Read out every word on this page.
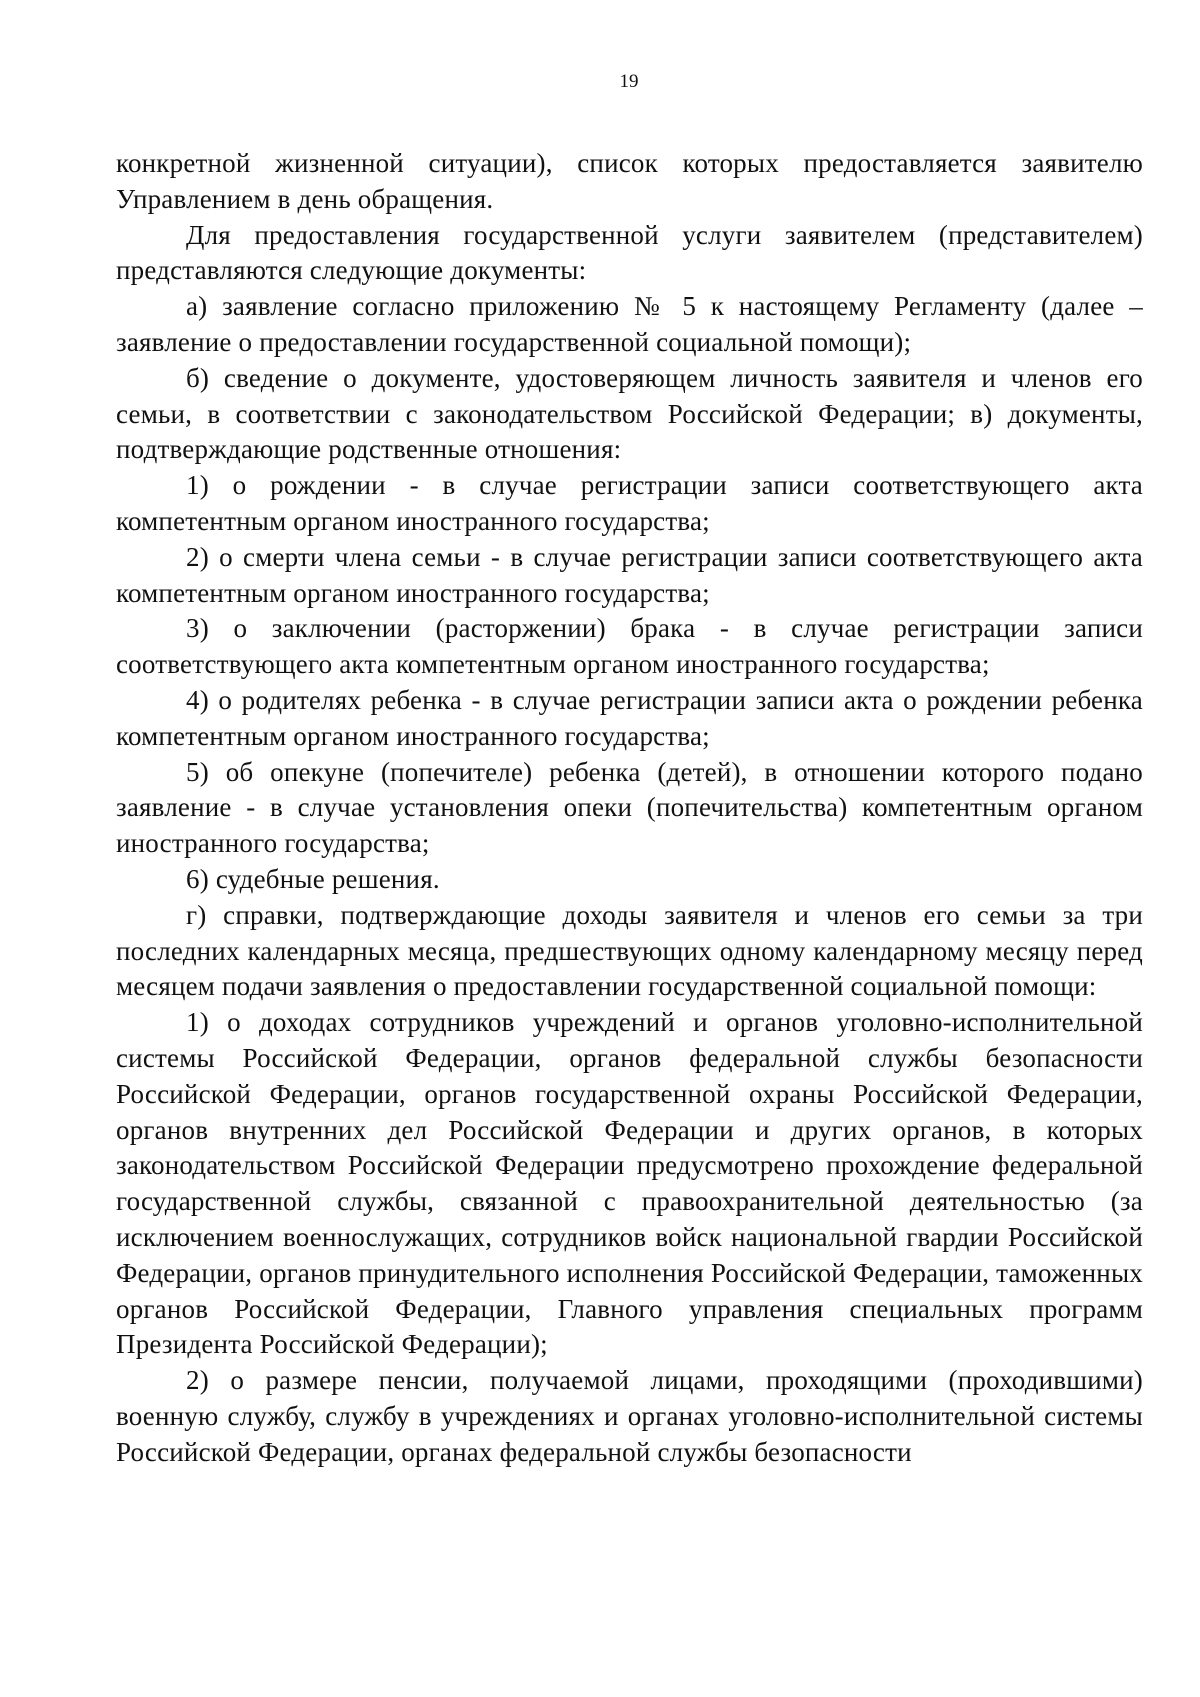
19

конкретной жизненной ситуации), список которых предоставляется заявителю Управлением в день обращения.

Для предоставления государственной услуги заявителем (представителем) представляются следующие документы:

а) заявление согласно приложению № 5 к настоящему Регламенту (далее – заявление о предоставлении государственной социальной помощи);

б) сведение о документе, удостоверяющем личность заявителя и членов его семьи, в соответствии с законодательством Российской Федерации; в) документы, подтверждающие родственные отношения:

1) о рождении - в случае регистрации записи соответствующего акта компетентным органом иностранного государства;

2) о смерти члена семьи - в случае регистрации записи соответствующего акта компетентным органом иностранного государства;

3) о заключении (расторжении) брака - в случае регистрации записи соответствующего акта компетентным органом иностранного государства;

4) о родителях ребенка - в случае регистрации записи акта о рождении ребенка компетентным органом иностранного государства;

5) об опекуне (попечителе) ребенка (детей), в отношении которого подано заявление - в случае установления опеки (попечительства) компетентным органом иностранного государства;

6) судебные решения.

г) справки, подтверждающие доходы заявителя и членов его семьи за три последних календарных месяца, предшествующих одному календарному месяцу перед месяцем подачи заявления о предоставлении государственной социальной помощи:

1) о доходах сотрудников учреждений и органов уголовно-исполнительной системы Российской Федерации, органов федеральной службы безопасности Российской Федерации, органов государственной охраны Российской Федерации, органов внутренних дел Российской Федерации и других органов, в которых законодательством Российской Федерации предусмотрено прохождение федеральной государственной службы, связанной с правоохранительной деятельностью (за исключением военнослужащих, сотрудников войск национальной гвардии Российской Федерации, органов принудительного исполнения Российской Федерации, таможенных органов Российской Федерации, Главного управления специальных программ Президента Российской Федерации);

2) о размере пенсии, получаемой лицами, проходящими (проходившими) военную службу, службу в учреждениях и органах уголовно-исполнительной системы Российской Федерации, органах федеральной службы безопасности
